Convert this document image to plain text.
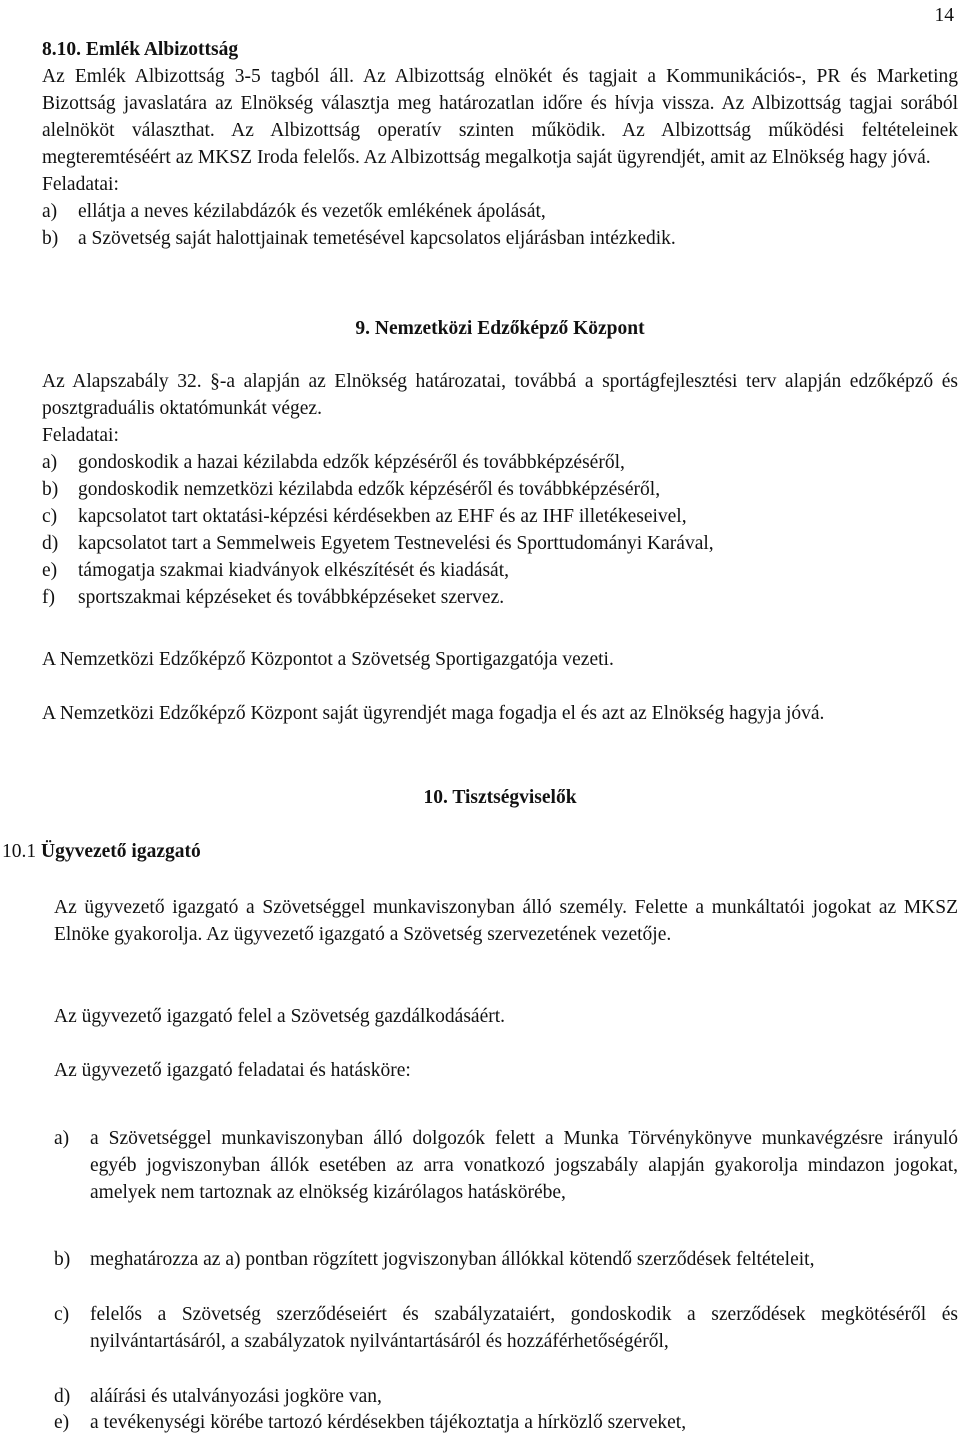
14

8.10. Emlék Albizottság

Az Emlék Albizottság 3-5 tagból áll. Az Albizottság elnökét és tagjait a Kommunikációs-, PR és Marketing Bizottság javaslatára az Elnökség választja meg határozatlan időre és hívja vissza. Az Albizottság tagjai sorából alelnököt választhat. Az Albizottság operatív szinten működik. Az Albizottság működési feltételeinek megteremtéséért az MKSZ Iroda felelős. Az Albizottság megalkotja saját ügyrendjét, amit az Elnökség hagy jóvá.

Feladatai:

a)	ellátja a neves kézilabdázók és vezetők emlékének ápolását,
b)	a Szövetség saját halottjainak temetésével kapcsolatos eljárásban intézkedik.

9. Nemzetközi Edzőképző Központ

Az Alapszabály 32. §-a alapján az Elnökség határozatai, továbbá a sportágfejlesztési terv alapján edzőképző és posztgraduális oktatómunkát végez.

Feladatai:

a)	gondoskodik a hazai kézilabda edzők képzéséről és továbbképzéséről,
b)	gondoskodik nemzetközi kézilabda edzők képzéséről és továbbképzéséről,
c)	kapcsolatot tart oktatási-képzési kérdésekben az EHF és az IHF illetékeseivel,
d)	kapcsolatot tart a Semmelweis Egyetem Testnevelési és Sporttudományi Karával,
e)	támogatja szakmai kiadványok elkészítését és kiadását,
f)	sportszakmai képzéseket és továbbképzéseket szervez.

A Nemzetközi Edzőképző Központot a Szövetség Sportigazgatója vezeti.

A Nemzetközi Edzőképző Központ saját ügyrendjét maga fogadja el és azt az Elnökség hagyja jóvá.

10. Tisztségviselők

10.1 Ügyvezető igazgató

Az ügyvezető igazgató a Szövetséggel munkaviszonyban álló személy. Felette a munkáltatói jogokat az MKSZ Elnöke gyakorolja. Az ügyvezető igazgató a Szövetség szervezetének vezetője.

Az ügyvezető igazgató felel a Szövetség gazdálkodásáért.

Az ügyvezető igazgató feladatai és hatásköre:

a)	a Szövetséggel munkaviszonyban álló dolgozók felett a Munka Törvénykönyve munkavégzésre irányuló egyéb jogviszonyban állók esetében az arra vonatkozó jogszabály alapján gyakorolja mindazon jogokat, amelyek nem tartoznak az elnökség kizárólagos hatáskörébe,
b)	meghatározza az a) pontban rögzített jogviszonyban állókkal kötendő szerződések feltételeit,
c)	felelős a Szövetség szerződéseiért és szabályzataiért, gondoskodik a szerződések megkötéséről és nyilvántartásáról, a szabályzatok nyilvántartásáról és hozzáférhetőségéről,
d)	aláírási és utalványozási jogköre van,
e)	a tevékenységi körébe tartozó kérdésekben tájékoztatja a hírközlő szerveket,
